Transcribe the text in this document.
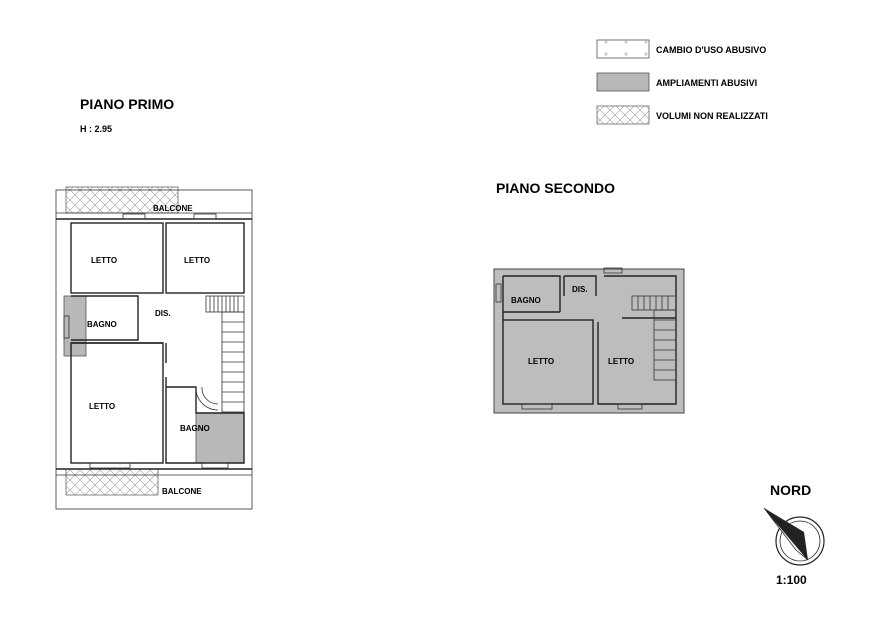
CAMBIO D'USO ABUSIVO
AMPLIAMENTI ABUSIVI
VOLUMI NON REALIZZATI
PIANO PRIMO
H : 2.95
BALCONE
LETTO	LETTO
BAGNO
DIS.
LETTO
BAGNO
BALCONE
PIANO SECONDO
BAGNO
DIS.
LETTO	LETTO
NORD
1:100
